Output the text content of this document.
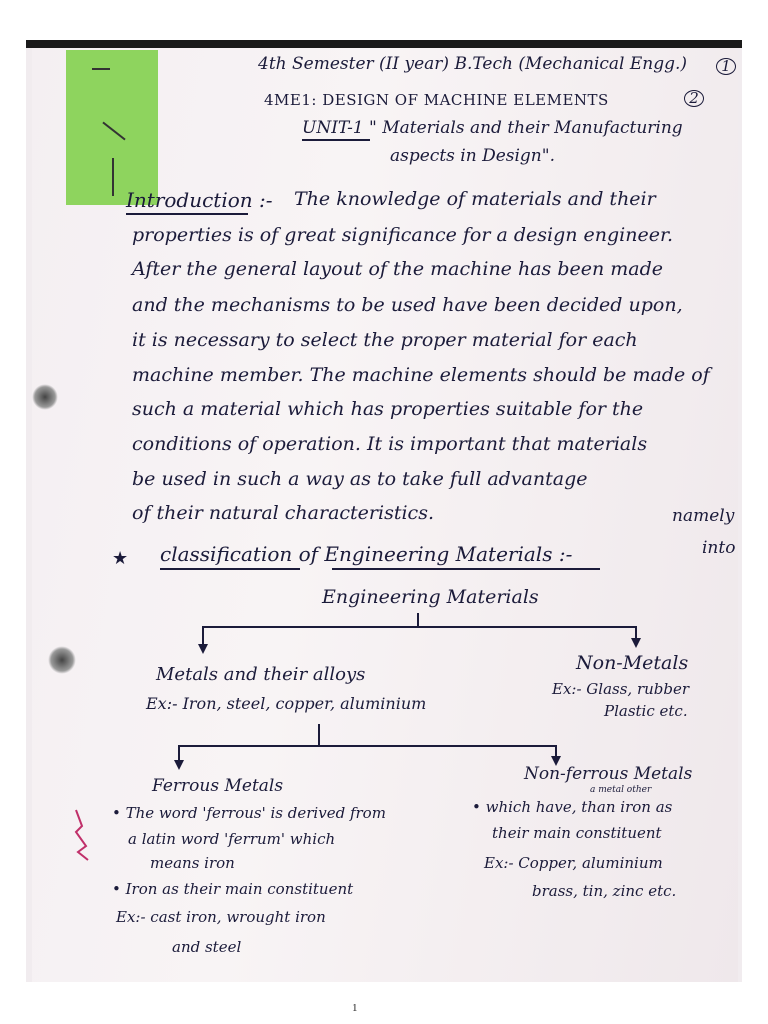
4th Semester (II year) B.Tech (Mechanical Engg.)	1

4ME1: DESIGN OF MACHINE ELEMENTS	2

UNIT-1 " Materials and their Manufacturing

aspects in Design".

Introduction :- The knowledge of materials and their

properties is of great significance for a design engineer.

After the general layout of the machine has been made

and the mechanisms to be used have been decided upon,

it is necessary to select the proper material for each

machine member. The machine elements should be made of

such a material which has properties suitable for the

conditions of operation. It is important that materials

be used in such a way as to take full advantage

of their natural characteristics.	namely

★ classification of Engineering Materials :-	into

Engineering Materials

Metals and their alloys

Ex:- Iron, steel, copper, aluminium

Non-Metals

Ex:- Glass, rubber

Plastic etc.

Ferrous Metals

• The word 'ferrous' is derived from

a latin word 'ferrum' which

means iron

• Iron as their main constituent

Ex:- cast iron, wrought iron

and steel

Non-ferrous Metals

a metal other

• which have, than iron as

their main constituent

Ex:- Copper, aluminium

brass, tin, zinc etc.

1
